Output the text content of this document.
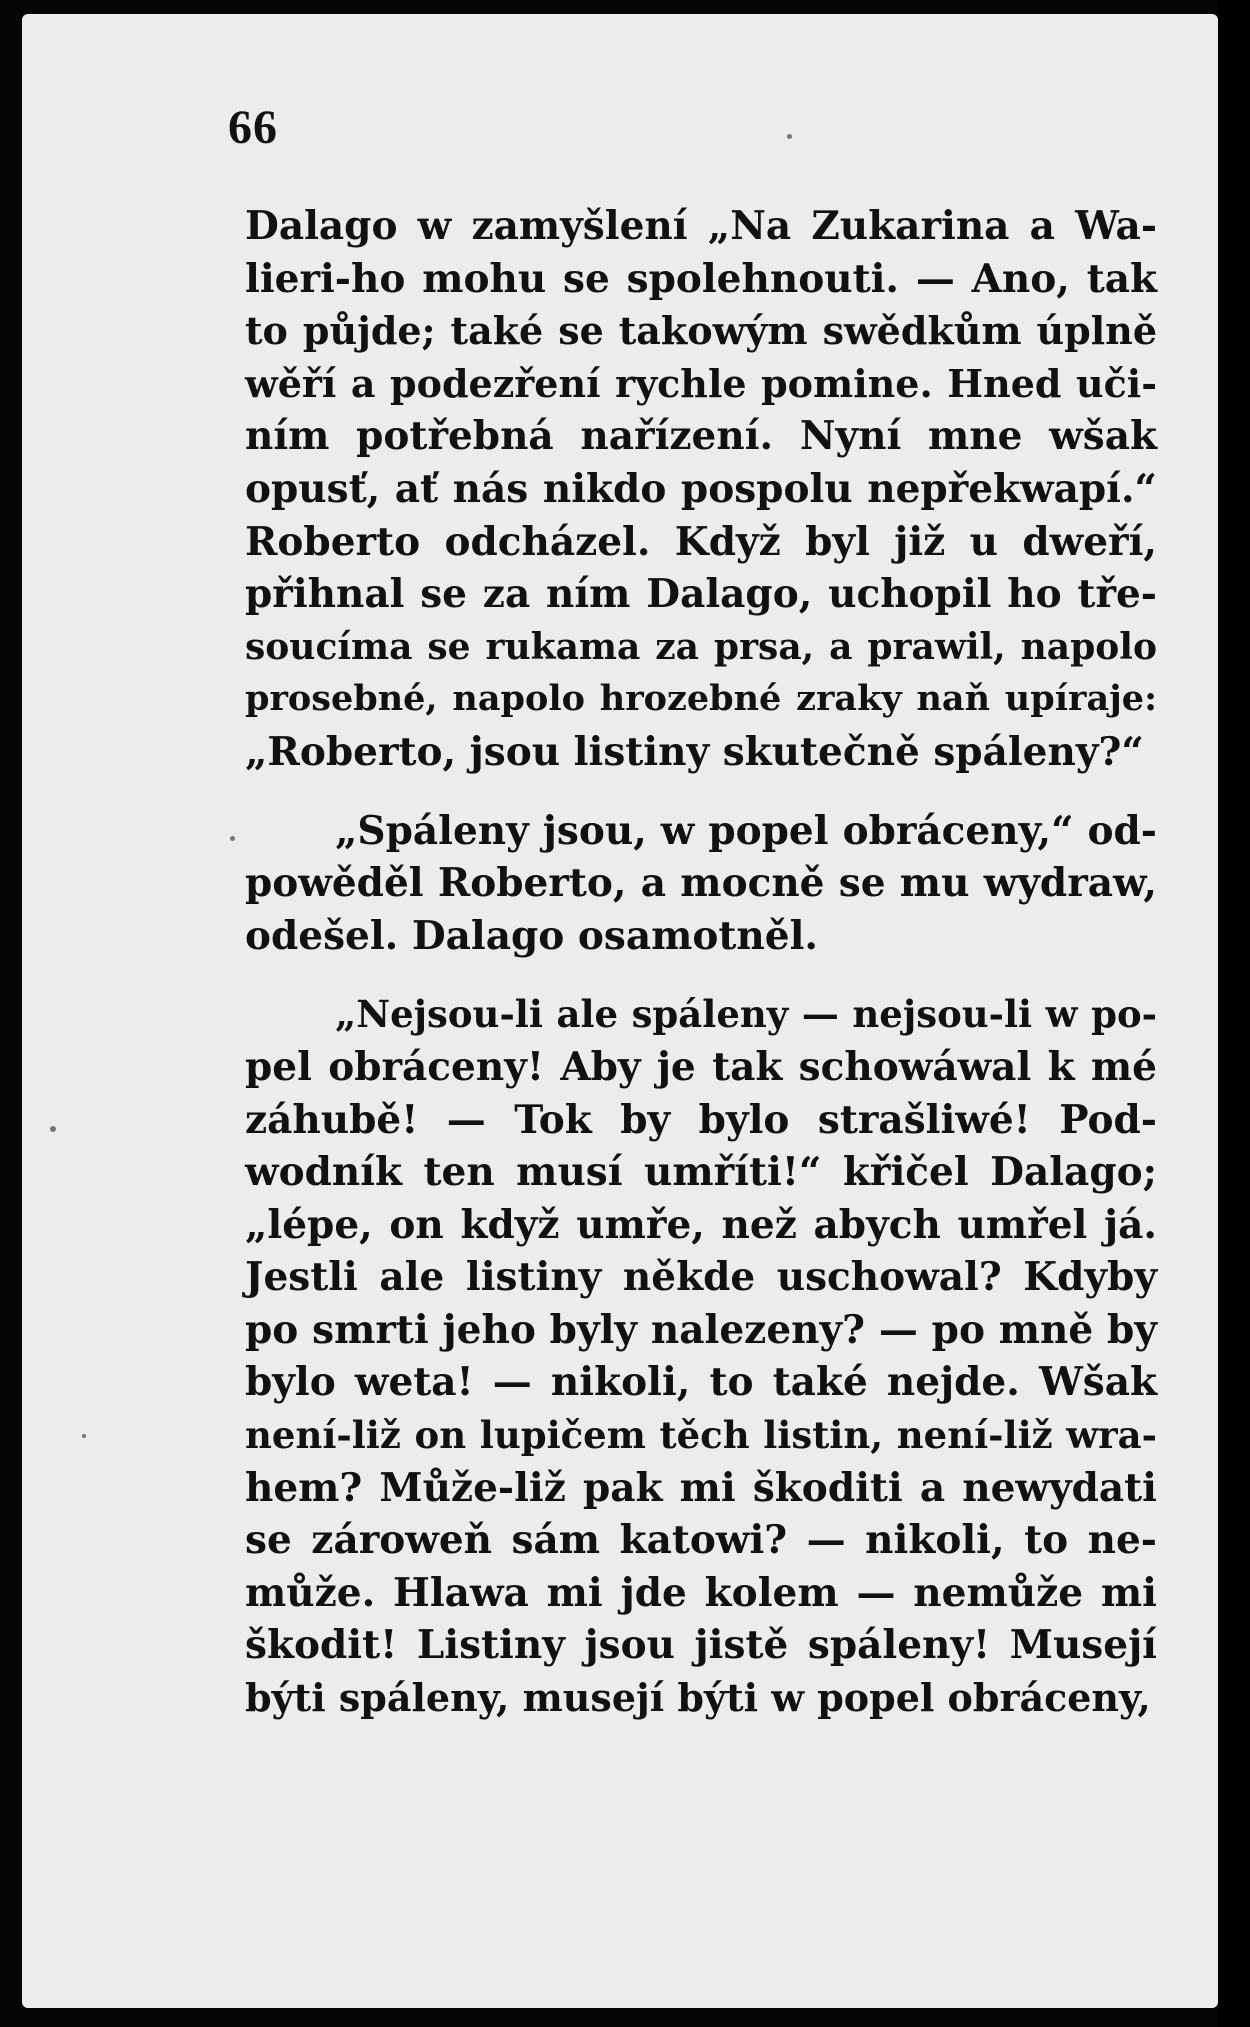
66
Dalago w zamyšlení „Na Zukarina a Wa-
lieri-ho mohu se spolehnouti. — Ano, tak
to půjde; také se takowým swědkům úplně
wěří a podezření rychle pomine. Hned uči-
ním potřebná nařízení. Nyní mne wšak
opusť, ať nás nikdo pospolu nepřekwapí.“
Roberto odcházel. Když byl již u dweří,
přihnal se za ním Dalago, uchopil ho tře-
soucíma se rukama za prsa, a prawil, napolo
prosebné, napolo hrozebné zraky naň upíraje:
„Roberto, jsou listiny skutečně spáleny?“
„Spáleny jsou, w popel obráceny,“ od-
powěděl Roberto, a mocně se mu wydraw,
odešel. Dalago osamotněl.
„Nejsou-li ale spáleny — nejsou-li w po-
pel obráceny! Aby je tak schowáwal k mé
záhubě! — Tok by bylo strašliwé! Pod-
wodník ten musí umříti!“ křičel Dalago;
„lépe, on když umře, než abych umřel já.
Jestli ale listiny někde uschowal? Kdyby
po smrti jeho byly nalezeny? — po mně by
bylo weta! — nikoli, to také nejde. Wšak
není-liž on lupičem těch listin, není-liž wra-
hem? Může-liž pak mi škoditi a newydati
se zároweň sám katowi? — nikoli, to ne-
může. Hlawa mi jde kolem — nemůže mi
škodit! Listiny jsou jistě spáleny! Musejí
býti spáleny, musejí býti w popel obráceny,
